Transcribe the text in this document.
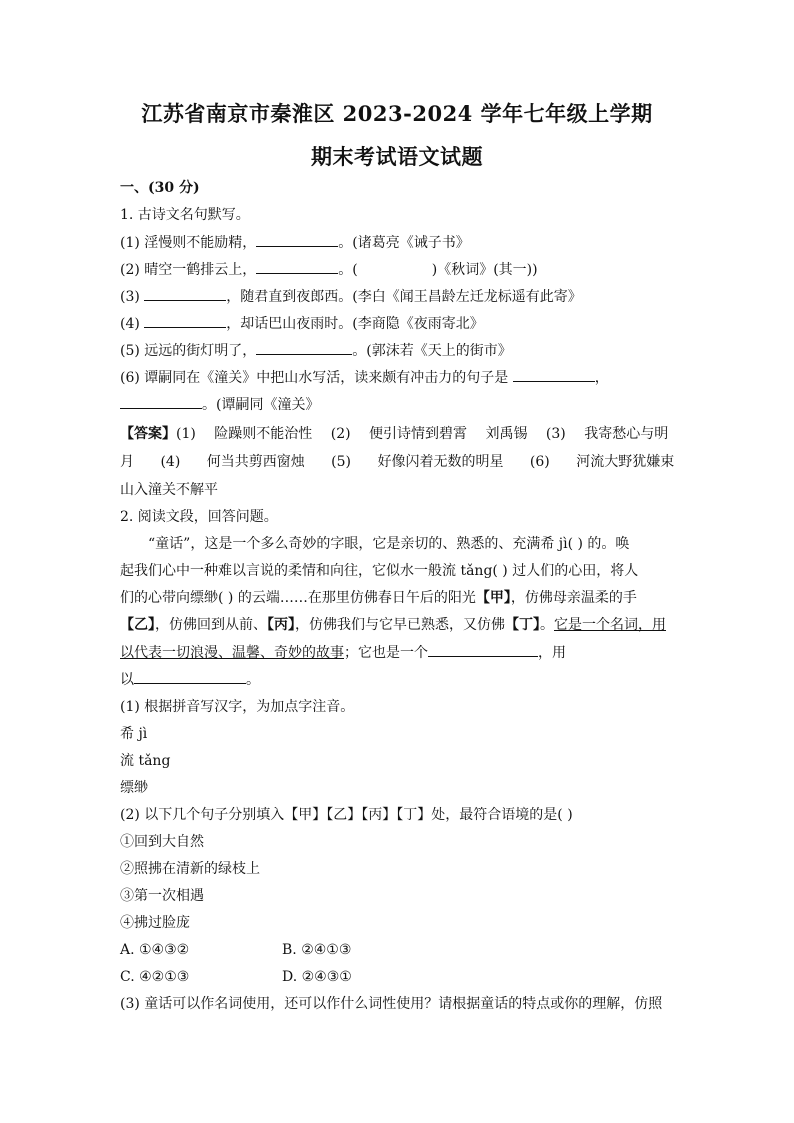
江苏省南京市秦淮区 2023-2024 学年七年级上学期
期末考试语文试题
一、(30 分)
1. 古诗文名句默写。
(1) 淫慢则不能励精，	。(诸葛亮《诫子书》
(2) 晴空一鹤排云上，	。(	)《秋词》(其一))
(3)	，随君直到夜郎西。(李白《闻王昌龄左迁龙标遥有此寄》
(4)	，却话巴山夜雨时。(李商隐《夜雨寄北》
(5) 远远的街灯明了，	。(郭沫若《天上的街市》
(6) 谭嗣同在《潼关》中把山水写活，读来颇有冲击力的句子是	，
。(谭嗣同《潼关》
【答案】(1) 险躁则不能治性 (2) 便引诗情到碧霄 刘禹锡 (3) 我寄愁心与明
月 (4) 何当共剪西窗烛 (5) 好像闪着无数的明星 (6) 河流大野犹嫌束
山入潼关不解平
2. 阅读文段，回答问题。
“童话”，这是一个多么奇妙的字眼，它是亲切的、熟悉的、充满希 jì( ) 的。唤
起我们心中一种难以言说的柔情和向往，它似水一般流 tǎng( ) 过人们的心田，将人
们的心带向缥缈( ) 的云端……在那里仿佛春日午后的阳光【甲】，仿佛母亲温柔的手
【乙】，仿佛回到从前、【丙】，仿佛我们与它早已熟悉，又仿佛【丁】。它是一个名词，用
以代表一切浪漫、温馨、奇妙的故事；它也是一个	，用
以	。
(1) 根据拼音写汉字，为加点字注音。
希 jì
流 tǎng
缥缈
(2) 以下几个句子分别填入【甲】【乙】【丙】【丁】处，最符合语境的是( )
①回到大自然
②照拂在清新的绿枝上
③第一次相遇
④拂过脸庞
A. ①④③②	B. ②④①③
C. ④②①③	D. ②④③①
(3) 童话可以作名词使用，还可以作什么词性使用？请根据童话的特点或你的理解，仿照
